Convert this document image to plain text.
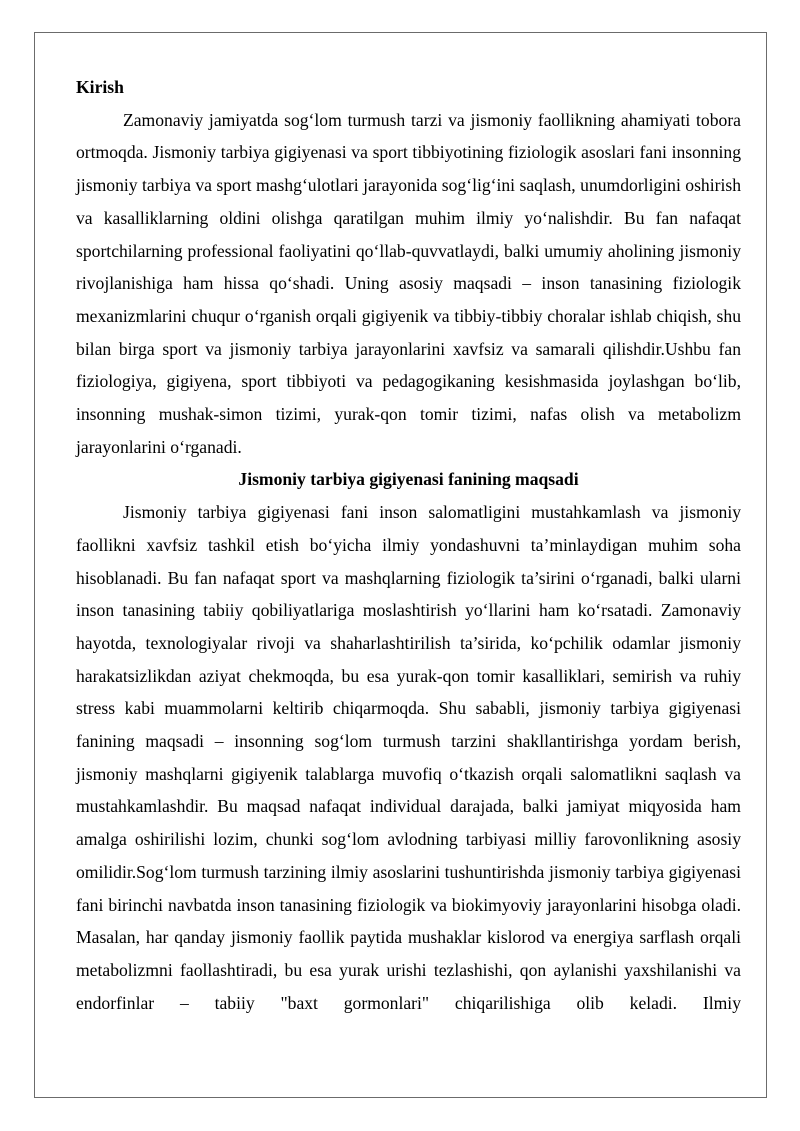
Kirish

Zamonaviy jamiyatda sog‘lom turmush tarzi va jismoniy faollikning ahamiyati tobora ortmoqda. Jismoniy tarbiya gigiyenasi va sport tibbiyotining fiziologik asoslari fani insonning jismoniy tarbiya va sport mashg‘ulotlari jarayonida sog‘lig‘ini saqlash, unumdorligini oshirish va kasalliklarning oldini olishga qaratilgan muhim ilmiy yo‘nalishdir. Bu fan nafaqat sportchilarning professional faoliyatini qo‘llab-quvvatlaydi, balki umumiy aholining jismoniy rivojlanishiga ham hissa qo‘shadi. Uning asosiy maqsadi – inson tanasining fiziologik mexanizmlarini chuqur o‘rganish orqali gigiyenik va tibbiy-tibbiy choralar ishlab chiqish, shu bilan birga sport va jismoniy tarbiya jarayonlarini xavfsiz va samarali qilishdir.Ushbu fan fiziologiya, gigiyena, sport tibbiyoti va pedagogikaning kesishmasida joylashgan bo‘lib, insonning mushak-simon tizimi, yurak-qon tomir tizimi, nafas olish va metabolizm jarayonlarini o‘rganadi.

Jismoniy tarbiya gigiyenasi fanining maqsadi

Jismoniy tarbiya gigiyenasi fani inson salomatligini mustahkamlash va jismoniy faollikni xavfsiz tashkil etish bo‘yicha ilmiy yondashuvni ta’minlaydigan muhim soha hisoblanadi. Bu fan nafaqat sport va mashqlarning fiziologik ta’sirini o‘rganadi, balki ularni inson tanasining tabiiy qobiliyatlariga moslashtirish yo‘llarini ham ko‘rsatadi. Zamonaviy hayotda, texnologiyalar rivoji va shaharlashtirilish ta’sirida, ko‘pchilik odamlar jismoniy harakatsizlikdan aziyat chekmoqda, bu esa yurak-qon tomir kasalliklari, semirish va ruhiy stress kabi muammolarni keltirib chiqarmoqda. Shu sababli, jismoniy tarbiya gigiyenasi fanining maqsadi – insonning sog‘lom turmush tarzini shakllantirishga yordam berish, jismoniy mashqlarni gigiyenik talablarga muvofiq o‘tkazish orqali salomatlikni saqlash va mustahkamlashdir. Bu maqsad nafaqat individual darajada, balki jamiyat miqyosida ham amalga oshirilishi lozim, chunki sog‘lom avlodning tarbiyasi milliy farovonlikning asosiy omilidir.Sog‘lom turmush tarzining ilmiy asoslarini tushuntirishda jismoniy tarbiya gigiyenasi fani birinchi navbatda inson tanasining fiziologik va biokimyoviy jarayonlarini hisobga oladi. Masalan, har qanday jismoniy faollik paytida mushaklar kislorod va energiya sarflash orqali metabolizmni faollashtiradi, bu esa yurak urishi tezlashishi, qon aylanishi yaxshilanishi va endorfinlar – tabiiy "baxt gormonlari" chiqarilishiga olib keladi. Ilmiy
